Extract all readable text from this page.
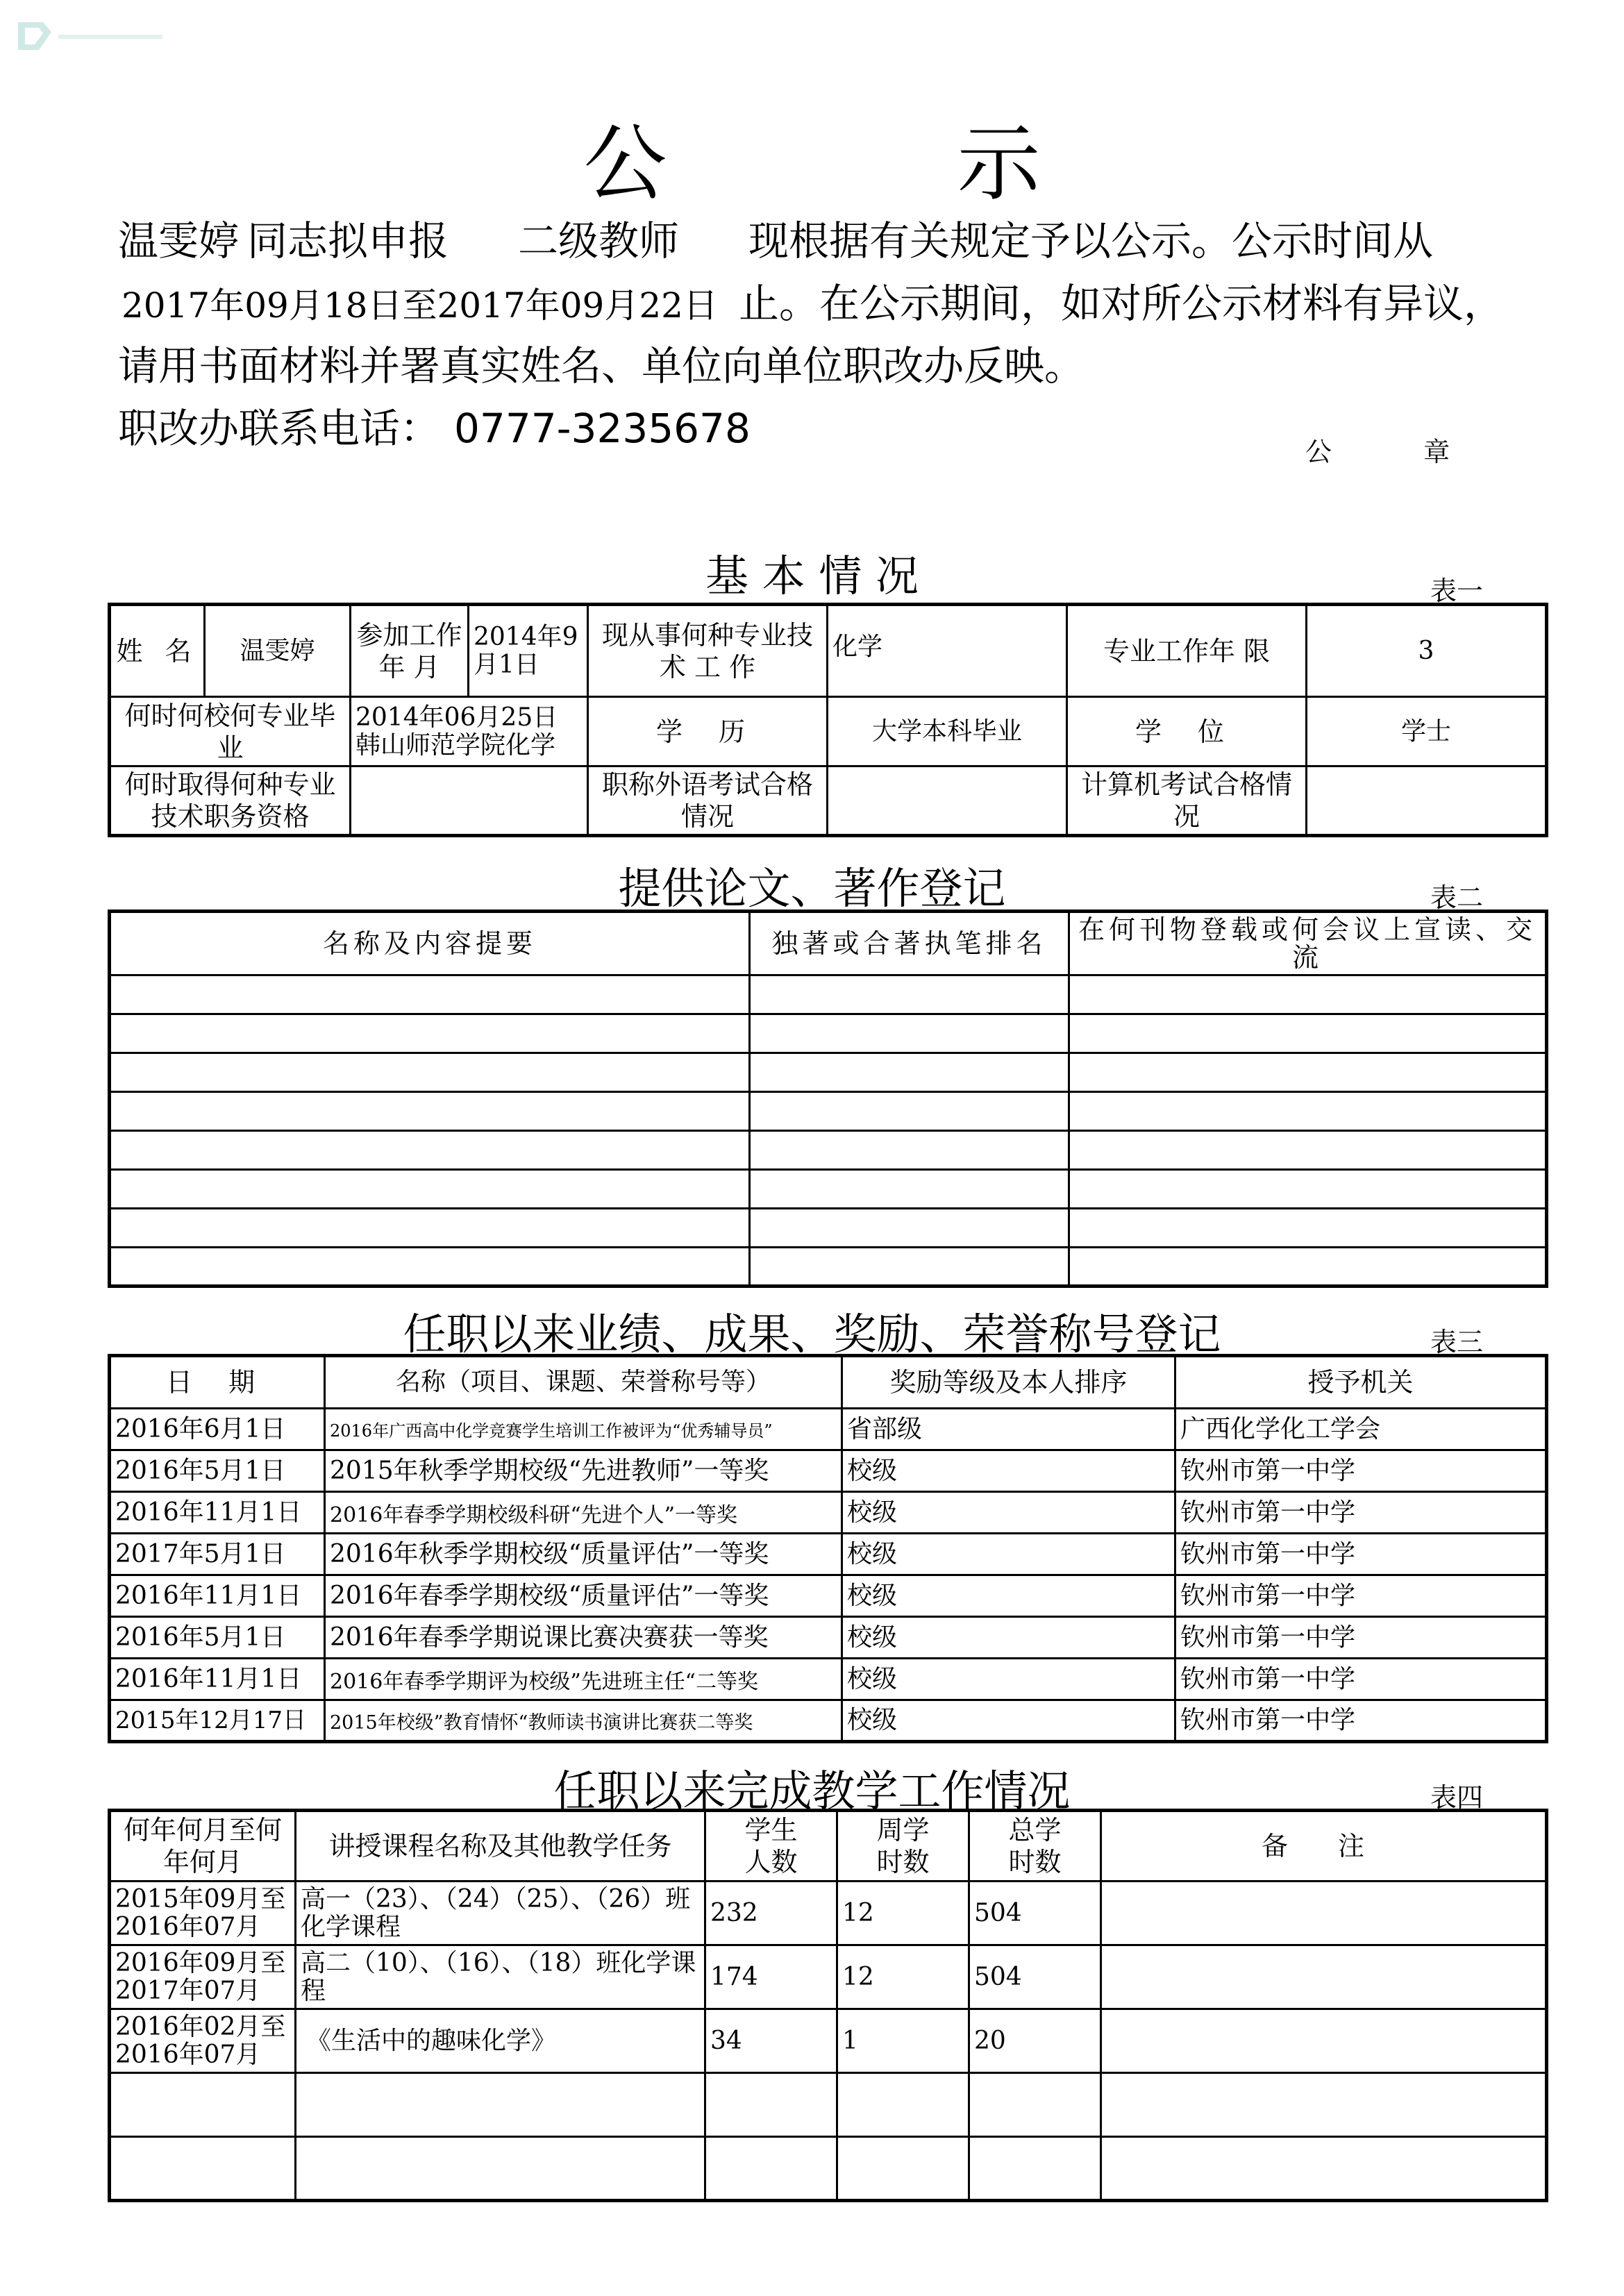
公 示
温雯婷 同志拟申报 二级教师 现根据有关规定予以公示。公示时间从
2017年09月18日至2017年09月22日 止。在公示期间，如对所公示材料有异议，
请用书面材料并署真实姓名、单位向单位职改办反映。
职改办联系电话： 0777-3235678	公 章
基 本 情 况	表一
姓 名	温雯婷	参加工作年 月	2014年9月1日	现从事何种专业技 术 工 作	化学	专业工作年 限	3
何时何校何专业毕 业		2014年06月25日韩山师范学院化学		学 历	大学本科毕业	学 位	学士
何时取得何种专业技术职务资格				职称外语考试合格情况		计算机考试合格情况	
提供论文、著作登记	表二
名称及内容提要	独著或合著执笔排名	在何刊物登载或何会议上宣读、交流

任职以来业绩、成果、奖励、荣誉称号登记	表三
日 期	名称（项目、课题、荣誉称号等）	奖励等级及本人排序	授予机关
2016年6月1日	2016年广西高中化学竞赛学生培训工作被评为“优秀辅导员”	省部级	广西化学化工学会
2016年5月1日	2015年秋季学期校级“先进教师”一等奖	校级	钦州市第一中学
2016年11月1日	2016年春季学期校级科研“先进个人”一等奖	校级	钦州市第一中学
2017年5月1日	2016年秋季学期校级“质量评估”一等奖	校级	钦州市第一中学
2016年11月1日	2016年春季学期校级“质量评估”一等奖	校级	钦州市第一中学
2016年5月1日	2016年春季学期说课比赛决赛获一等奖	校级	钦州市第一中学
2016年11月1日	2016年春季学期评为校级”先进班主任“二等奖	校级	钦州市第一中学
2015年12月17日	2015年校级”教育情怀“教师读书演讲比赛获二等奖	校级	钦州市第一中学
任职以来完成教学工作情况	表四
何年何月至何年何月	讲授课程名称及其他教学任务	学生人数	周学时数	总学时数	备 注
2015年09月至2016年07月	高一（23）、（24）（25）、（26）班化学课程	232	12	504	
2016年09月至2017年07月	高二（10）、（16）、（18）班化学课程	174	12	504	
2016年02月至2016年07月	《生活中的趣味化学》	34	1	20	
